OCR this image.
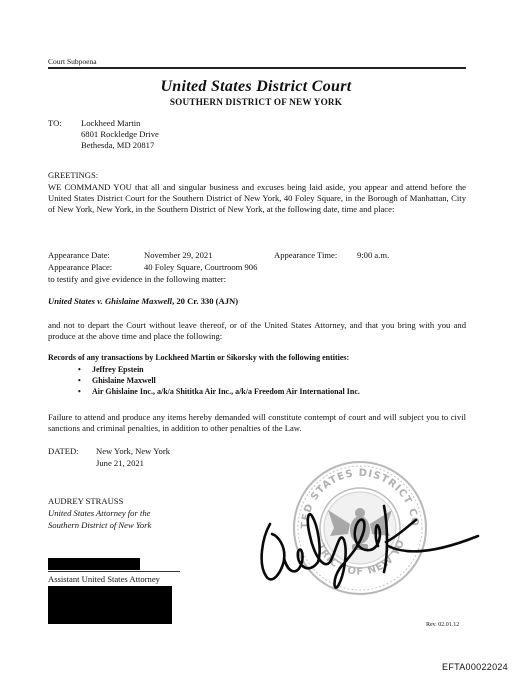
Court Subpoena
United States District Court
SOUTHERN DISTRICT OF NEW YORK
TO: Lockheed Martin
6801 Rockledge Drive
Bethesda, MD 20817
GREETINGS:
WE COMMAND YOU that all and singular business and excuses being laid aside, you appear and attend before the United States District Court for the Southern District of New York, 40 Foley Square, in the Borough of Manhattan, City of New York, New York, in the Southern District of New York, at the following date, time and place:
Appearance Date:	November 29, 2021	Appearance Time: 9:00 a.m.
Appearance Place:	40 Foley Square, Courtroom 906
to testify and give evidence in the following matter:
United States v. Ghislaine Maxwell, 20 Cr. 330 (AJN)
and not to depart the Court without leave thereof, or of the United States Attorney, and that you bring with you and produce at the above time and place the following:
Records of any transactions by Lockheed Martin or Sikorsky with the following entities:
• Jeffrey Epstein
• Ghislaine Maxwell
• Air Ghislaine Inc., a/k/a Shititka Air Inc., a/k/a Freedom Air International Inc.
Failure to attend and produce any items hereby demanded will constitute contempt of court and will subject you to civil sanctions and criminal penalties, in addition to other penalties of the Law.
DATED: New York, New York
June 21, 2021
AUDREY STRAUSS
United States Attorney for the
Southern District of New York	TED STATES DISTRICT CO
TRICT OF NEW YO
Assistant United States Attorney
Rev. 02.01.12
EFTA00022024
